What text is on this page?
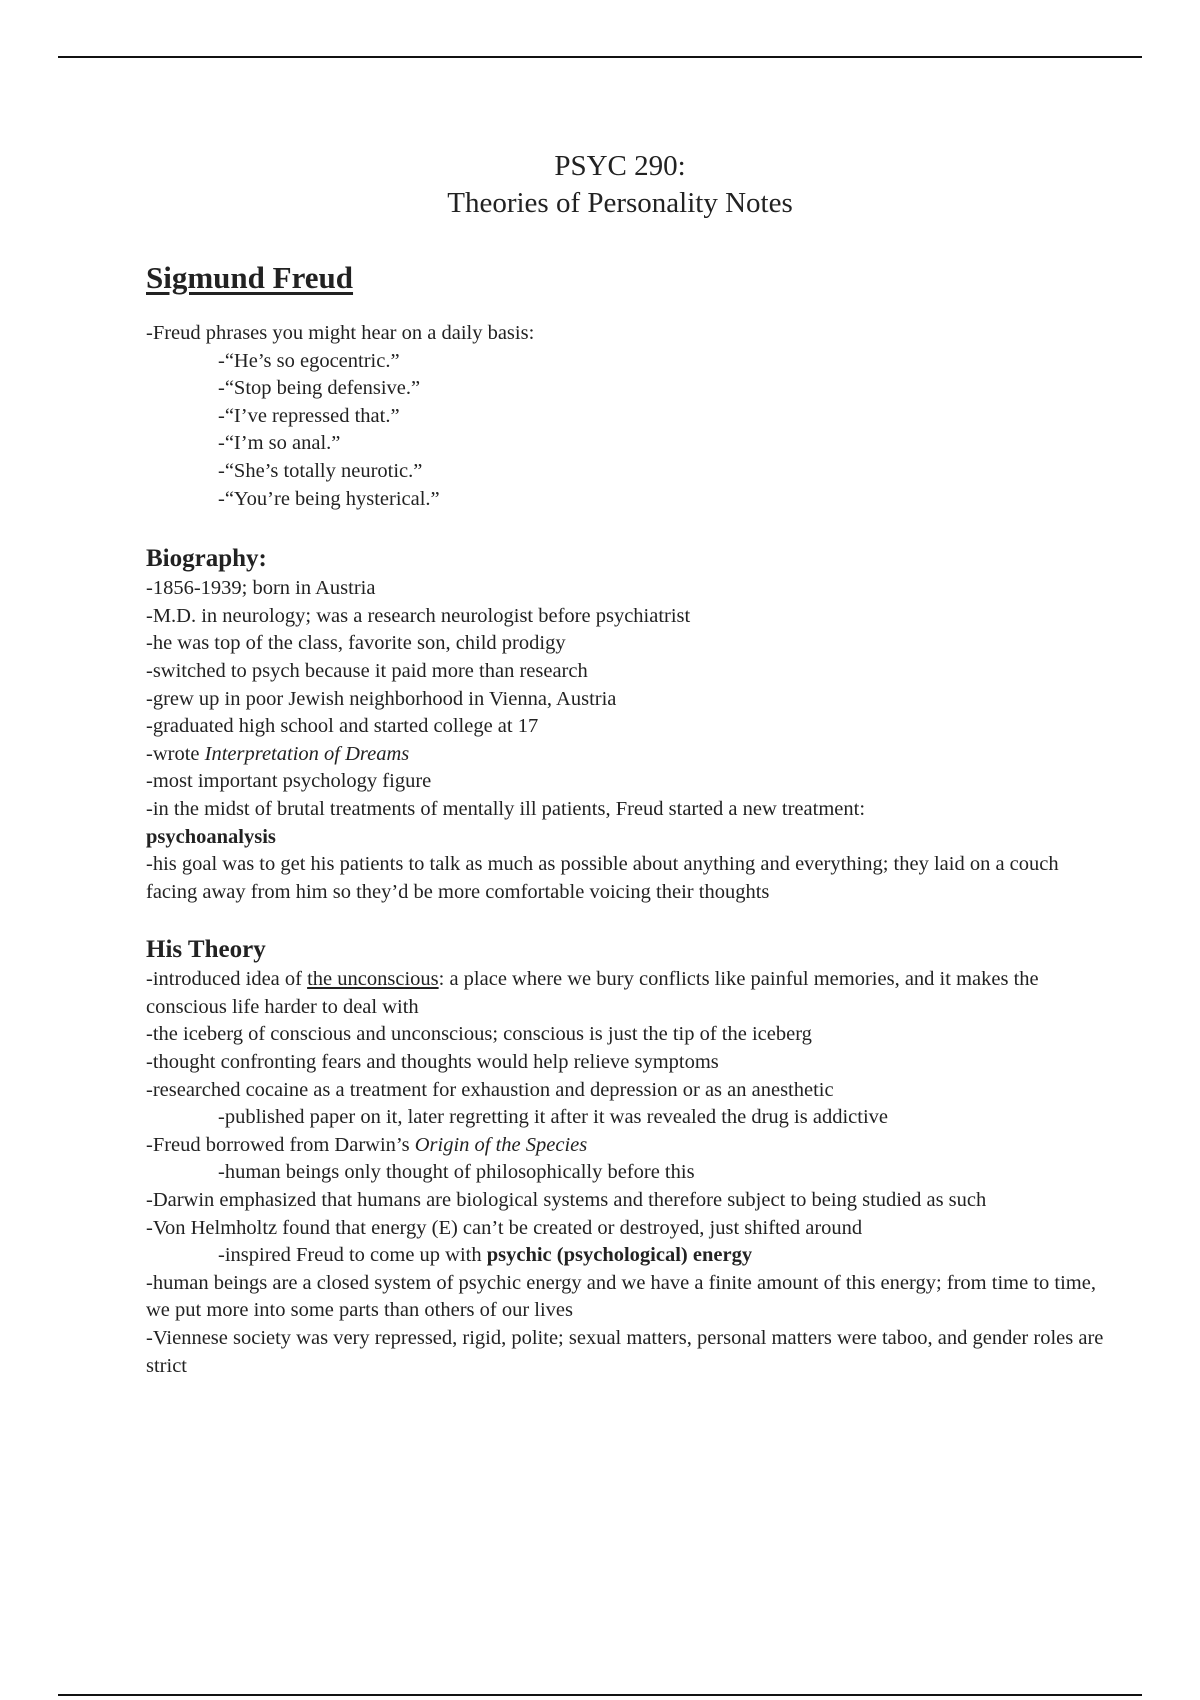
PSYC 290:
Theories of Personality Notes
Sigmund Freud

-Freud phrases you might hear on a daily basis:

-“He’s so egocentric.”

-“Stop being defensive.”

-“I’ve repressed that.”

-“I’m so anal.”

-“She’s totally neurotic.”

-“You’re being hysterical.”

Biography:

-1856-1939; born in Austria

-M.D. in neurology; was a research neurologist before psychiatrist

-he was top of the class, favorite son, child prodigy

-switched to psych because it paid more than research

-grew up in poor Jewish neighborhood in Vienna, Austria

-graduated high school and started college at 17

-wrote Interpretation of Dreams

-most important psychology figure

-in the midst of brutal treatments of mentally ill patients, Freud started a new treatment:

psychoanalysis

-his goal was to get his patients to talk as much as possible about anything and everything; they laid on a couch facing away from him so they’d be more comfortable voicing their thoughts

His Theory

-introduced idea of the unconscious: a place where we bury conflicts like painful memories, and it makes the conscious life harder to deal with

-the iceberg of conscious and unconscious; conscious is just the tip of the iceberg

-thought confronting fears and thoughts would help relieve symptoms

-researched cocaine as a treatment for exhaustion and depression or as an anesthetic

-published paper on it, later regretting it after it was revealed the drug is addictive

-Freud borrowed from Darwin’s Origin of the Species

-human beings only thought of philosophically before this

-Darwin emphasized that humans are biological systems and therefore subject to being studied as such

-Von Helmholtz found that energy (E) can’t be created or destroyed, just shifted around

-inspired Freud to come up with psychic (psychological) energy

-human beings are a closed system of psychic energy and we have a finite amount of this energy; from time to time, we put more into some parts than others of our lives

-Viennese society was very repressed, rigid, polite; sexual matters, personal matters were taboo, and gender roles are strict
